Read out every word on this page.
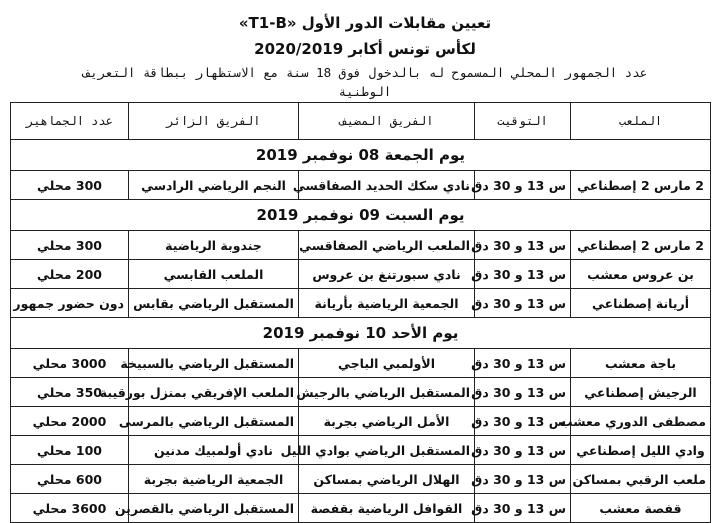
تعيين مقابلات الدور الأول «T1-B»
لكأس تونس أكابر 2020/2019
عدد الجمهور المحلي المسموح له بالدخول فوق 18 سنة مع الاستظهار ببطاقة التعريف الوطنية
الملعب	التوقيت	الفريق المضيف	الفريق الزائر	عدد الجماهير
يوم الجمعة 08 نوفمبر 2019				
2 مارس 2 إصطناعي	س 13 و 30 دق	نادي سكك الحديد الصفاقسي	النجم الرياضي الرادسي	300 محلي
يوم السبت 09 نوفمبر 2019				
2 مارس 2 إصطناعي	س 13 و 30 دق	الملعب الرياضي الصفاقسي	جندوبة الرياضية	300 محلي
بن عروس معشب	س 13 و 30 دق	نادي سبورتنغ بن عروس	الملعب القابسي	200 محلي
أريانة إصطناعي	س 13 و 30 دق	الجمعية الرياضية بأريانة	المستقبل الرياضي بقابس	دون حضور جمهور
يوم الأحد 10 نوفمبر 2019				
باجة معشب	س 13 و 30 دق	الأولمبي الباجي	المستقبل الرياضي بالسبيخة	3000 محلي
الرجيش إصطناعي	س 13 و 30 دق	المستقبل الرياضي بالرجيش	الملعب الإفريقي بمنزل بورقيبة	350 محلي
مصطفى الدوري معشب	س 13 و 30 دق	الأمل الرياضي بجربة	المستقبل الرياضي بالمرسى	2000 محلي
وادي الليل إصطناعي	س 13 و 30 دق	المستقبل الرياضي بوادي الليل	نادي أولمبيك مدنين	100 محلي
ملعب الرقبي بمساكن	س 13 و 30 دق	الهلال الرياضي بمساكن	الجمعية الرياضية بجربة	600 محلي
قفصة معشب	س 13 و 30 دق	القوافل الرياضية بقفصة	المستقبل الرياضي بالقصرين	3600 محلي
